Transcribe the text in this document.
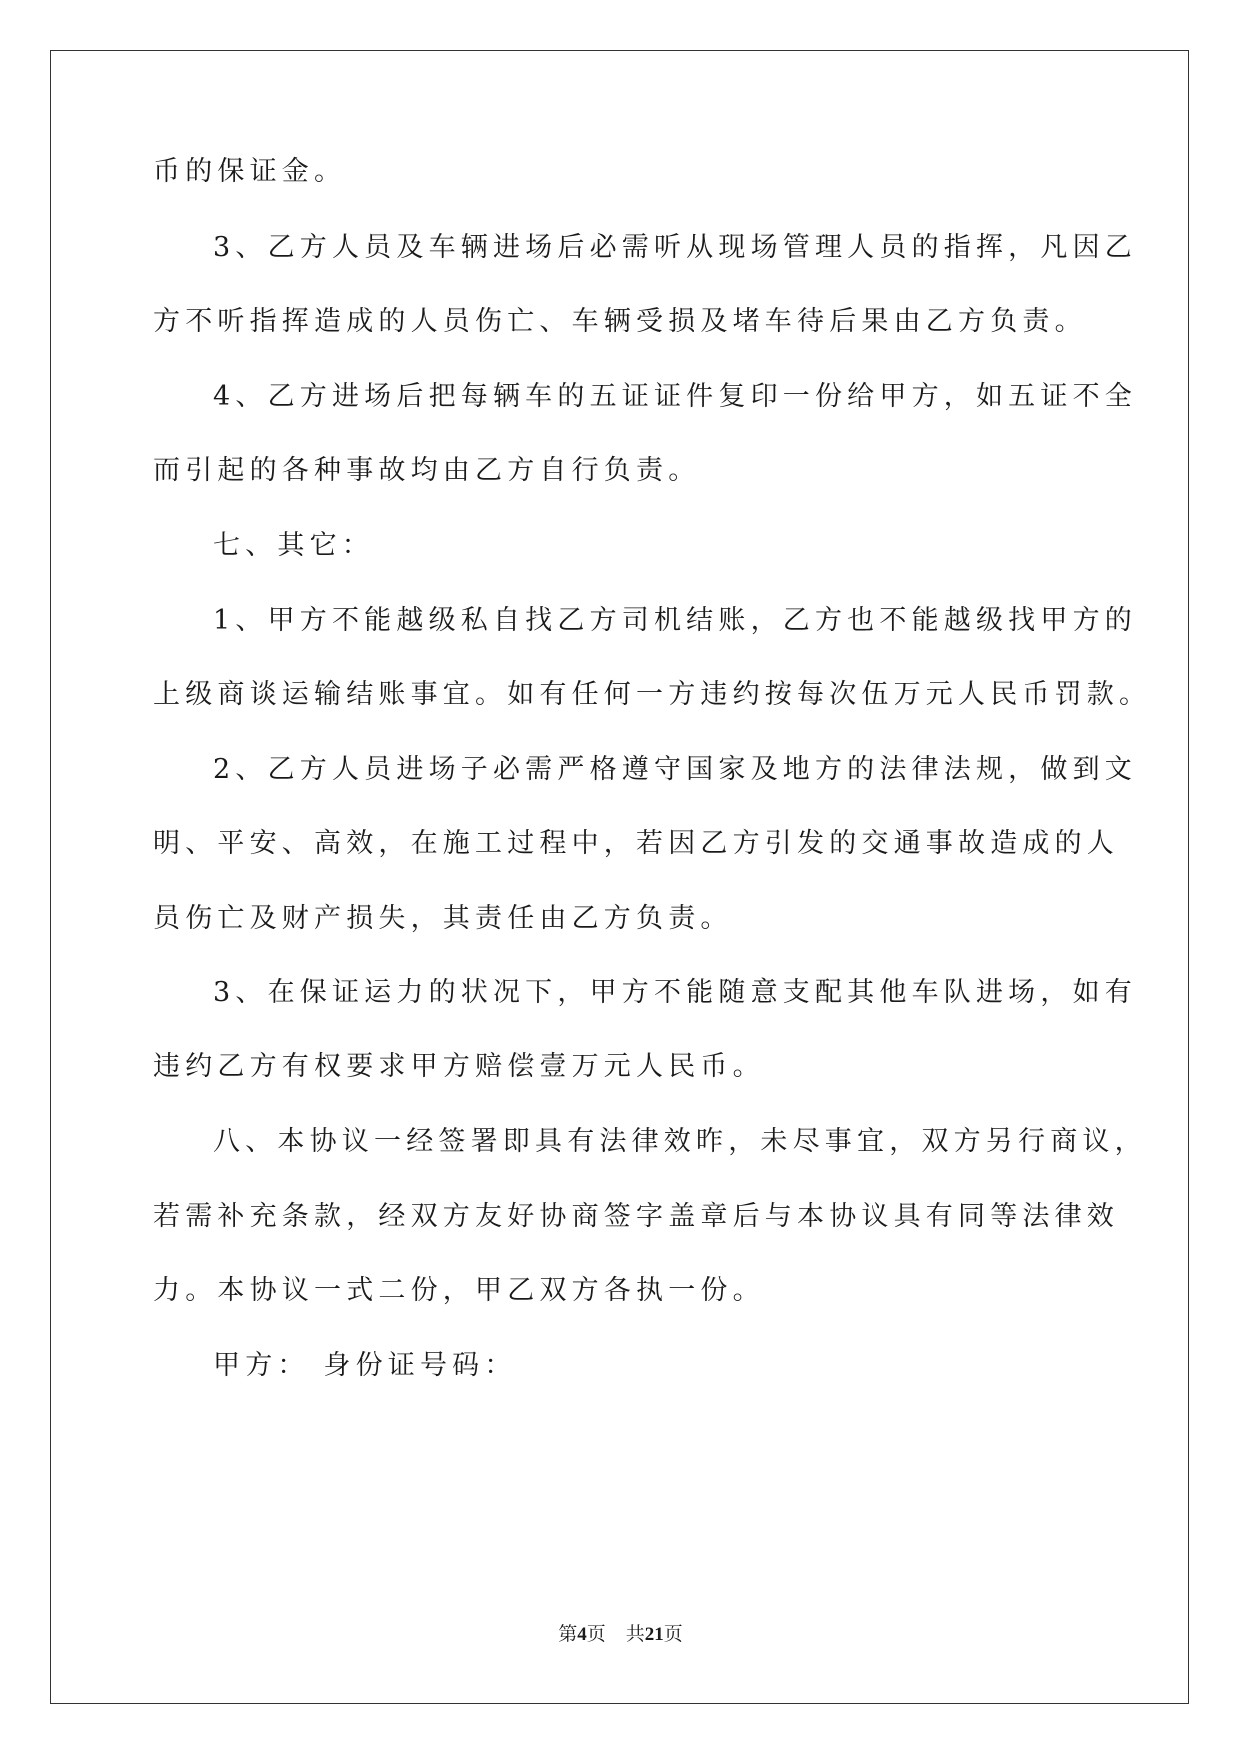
币的保证金。
3、乙方人员及车辆进场后必需听从现场管理人员的指挥，凡因乙
方不听指挥造成的人员伤亡、车辆受损及堵车待后果由乙方负责。
4、乙方进场后把每辆车的五证证件复印一份给甲方，如五证不全
而引起的各种事故均由乙方自行负责。
七、其它：
1、甲方不能越级私自找乙方司机结账，乙方也不能越级找甲方的
上级商谈运输结账事宜。如有任何一方违约按每次伍万元人民币罚款。
2、乙方人员进场子必需严格遵守国家及地方的法律法规，做到文
明、平安、高效，在施工过程中，若因乙方引发的交通事故造成的人
员伤亡及财产损失，其责任由乙方负责。
3、在保证运力的状况下，甲方不能随意支配其他车队进场，如有
违约乙方有权要求甲方赔偿壹万元人民币。
八、本协议一经签署即具有法律效昨，未尽事宜，双方另行商议，
若需补充条款，经双方友好协商签字盖章后与本协议具有同等法律效
力。本协议一式二份，甲乙双方各执一份。
甲方： 身份证号码：
第4页 共21页
